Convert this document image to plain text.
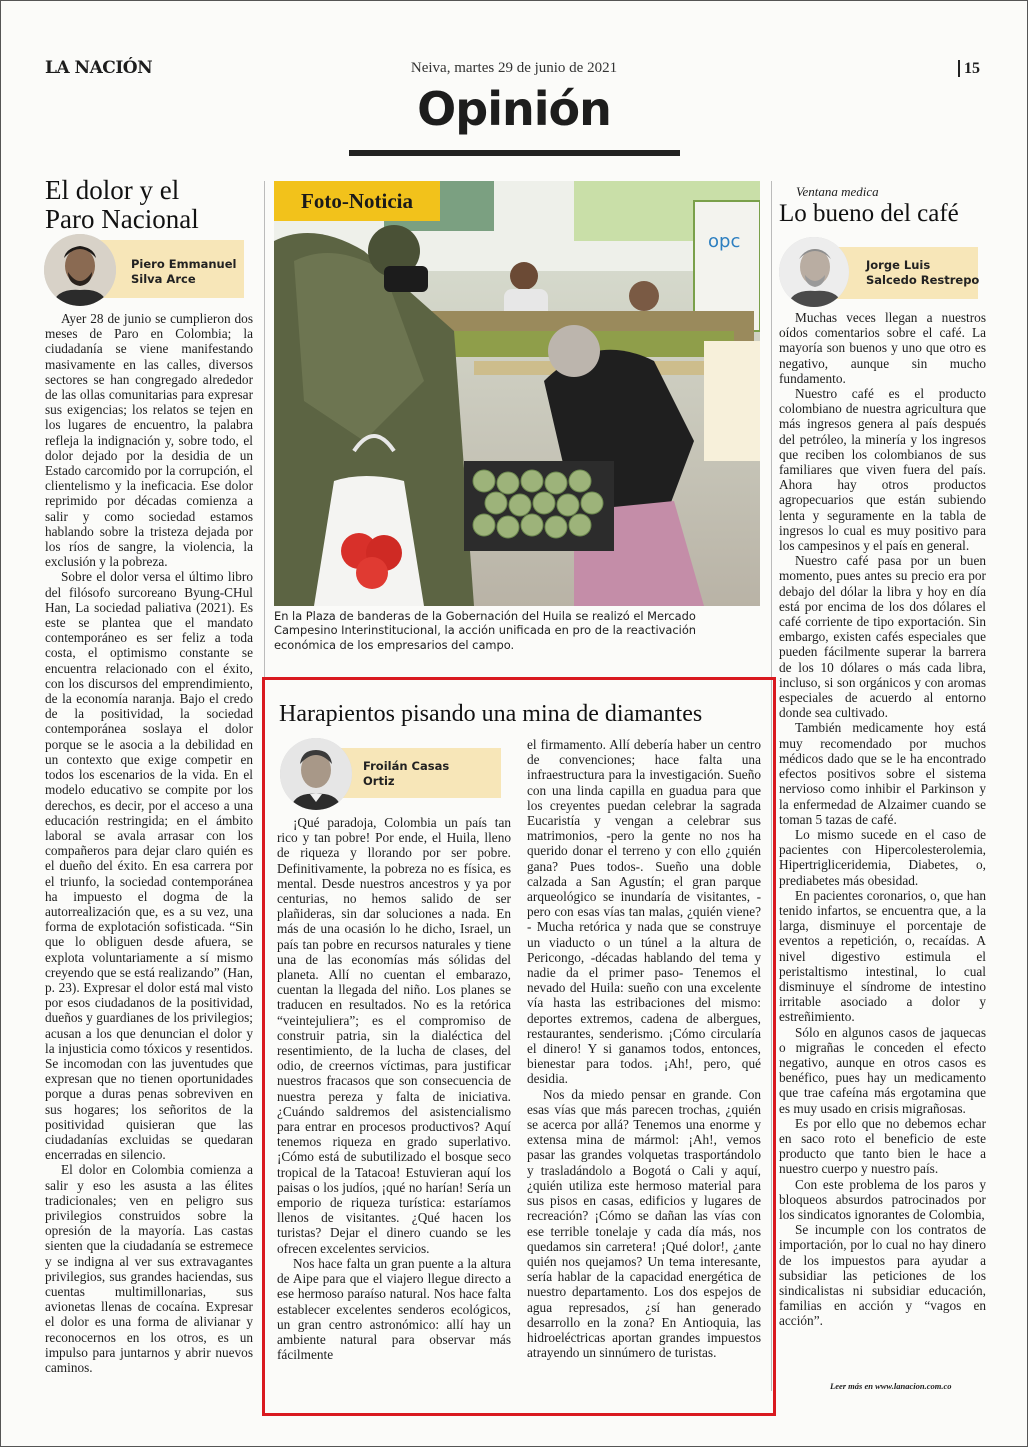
LA NACIÓN	Neiva, martes 29 de junio de 2021	15
Opinión
El dolor y el
Paro Nacional
Piero Emmanuel
Silva Arce

Ayer 28 de junio se cumplieron dos meses de Paro en Colombia; la ciudadanía se viene manifestando masivamente en las calles, diversos sectores se han congregado alrededor de las ollas comunitarias para expresar sus exigencias; los relatos se tejen en los lugares de encuentro, la palabra refleja la indignación y, sobre todo, el dolor dejado por la desidia de un Estado carcomido por la corrupción, el clientelismo y la ineficacia. Ese dolor reprimido por décadas comienza a salir y como sociedad estamos hablando sobre la tristeza dejada por los ríos de sangre, la violencia, la exclusión y la pobreza.

Sobre el dolor versa el último libro del filósofo surcoreano Byung-CHul Han, La sociedad paliativa (2021). Es este se plantea que el mandato contemporáneo es ser feliz a toda costa, el optimismo constante se encuentra relacionado con el éxito, con los discursos del emprendimiento, de la economía naranja. Bajo el credo de la positividad, la sociedad contemporánea soslaya el dolor porque se le asocia a la debilidad en un contexto que exige competir en todos los escenarios de la vida. En el modelo educativo se compite por los derechos, es decir, por el acceso a una educación restringida; en el ámbito laboral se avala arrasar con los compañeros para dejar claro quién es el dueño del éxito. En esa carrera por el triunfo, la sociedad contemporánea ha impuesto el dogma de la autorrealización que, es a su vez, una forma de explotación sofisticada. “Sin que lo obliguen desde afuera, se explota voluntariamente a sí mismo creyendo que se está realizando” (Han, p. 23). Expresar el dolor está mal visto por esos ciudadanos de la positividad, dueños y guardianes de los privilegios; acusan a los que denuncian el dolor y la injusticia como tóxicos y resentidos. Se incomodan con las juventudes que expresan que no tienen oportunidades porque a duras penas sobreviven en sus hogares; los señoritos de la positividad quisieran que las ciudadanías excluidas se quedaran encerradas en silencio.

El dolor en Colombia comienza a salir y eso les asusta a las élites tradicionales; ven en peligro sus privilegios construidos sobre la opresión de la mayoría. Las castas sienten que la ciudadanía se estremece y se indigna al ver sus extravagantes privilegios, sus grandes haciendas, sus cuentas multimillonarias, sus avionetas llenas de cocaína. Expresar el dolor es una forma de alivianar y reconocernos en los otros, es un impulso para juntarnos y abrir nuevos caminos.

opc
Foto-Noticia
En la Plaza de banderas de la Gobernación del Huila se realizó el Mercado Campesino Interinstitucional, la acción unificada en pro de la reactivación económica de los empresarios del campo.
Harapientos pisando una mina de diamantes
Froilán Casas
Ortiz

¡Qué paradoja, Colombia un país tan rico y tan pobre! Por ende, el Huila, lleno de riqueza y llorando por ser pobre. Definitivamente, la pobreza no es física, es mental. Desde nuestros ancestros y ya por centurias, no hemos salido de ser plañideras, sin dar soluciones a nada. En más de una ocasión lo he dicho, Israel, un país tan pobre en recursos naturales y tiene una de las economías más sólidas del planeta. Allí no cuentan el embarazo, cuentan la llegada del niño. Los planes se traducen en resultados. No es la retórica “veintejuliera”; es el compromiso de construir patria, sin la dialéctica del resentimiento, de la lucha de clases, del odio, de creernos víctimas, para justificar nuestros fracasos que son consecuencia de nuestra pereza y falta de iniciativa. ¿Cuándo saldremos del asistencialismo para entrar en procesos productivos? Aquí tenemos riqueza en grado superlativo. ¡Cómo está de subutilizado el bosque seco tropical de la Tatacoa! Estuvieran aquí los paisas o los judíos, ¡qué no harían! Sería un emporio de riqueza turística: estaríamos llenos de visitantes. ¿Qué hacen los turistas? Dejar el dinero cuando se les ofrecen excelentes servicios.

Nos hace falta un gran puente a la altura de Aipe para que el viajero llegue directo a ese hermoso paraíso natural. Nos hace falta establecer excelentes senderos ecológicos, un gran centro astronómico: allí hay un ambiente natural para observar más fácilmente

el firmamento. Allí debería haber un centro de convenciones; hace falta una infraestructura para la investigación. Sueño con una linda capilla en guadua para que los creyentes puedan celebrar la sagrada Eucaristía y vengan a celebrar sus matrimonios, -pero la gente no nos ha querido donar el terreno y con ello ¿quién gana? Pues todos-. Sueño una doble calzada a San Agustín; el gran parque arqueológico se inundaría de visitantes, -pero con esas vías tan malas, ¿quién viene?- Mucha retórica y nada que se construye un viaducto o un túnel a la altura de Pericongo, -décadas hablando del tema y nadie da el primer paso- Tenemos el nevado del Huila: sueño con una excelente vía hasta las estribaciones del mismo: deportes extremos, cadena de albergues, restaurantes, senderismo. ¡Cómo circularía el dinero! Y si ganamos todos, entonces, bienestar para todos. ¡Ah!, pero, qué desidia.

Nos da miedo pensar en grande. Con esas vías que más parecen trochas, ¿quién se acerca por allá? Tenemos una enorme y extensa mina de mármol: ¡Ah!, vemos pasar las grandes volquetas trasportándolo y trasladándolo a Bogotá o Cali y aquí, ¿quién utiliza este hermoso material para sus pisos en casas, edificios y lugares de recreación? ¡Cómo se dañan las vías con ese terrible tonelaje y cada día más, nos quedamos sin carretera! ¡Qué dolor!, ¿ante quién nos quejamos? Un tema interesante, sería hablar de la capacidad energética de nuestro departamento. Los dos espejos de agua represados, ¿sí han generado desarrollo en la zona? En Antioquia, las hidroeléctricas aportan grandes impuestos atrayendo un sinnúmero de turistas.

Ventana medica
Lo bueno del café
Jorge Luis
Salcedo Restrepo

Muchas veces llegan a nuestros oídos comentarios sobre el café. La mayoría son buenos y uno que otro es negativo, aunque sin mucho fundamento.

Nuestro café es el producto colombiano de nuestra agricultura que más ingresos genera al país después del petróleo, la minería y los ingresos que reciben los colombianos de sus familiares que viven fuera del país. Ahora hay otros productos agropecuarios que están subiendo lenta y seguramente en la tabla de ingresos lo cual es muy positivo para los campesinos y el país en general.

Nuestro café pasa por un buen momento, pues antes su precio era por debajo del dólar la libra y hoy en día está por encima de los dos dólares el café corriente de tipo exportación. Sin embargo, existen cafés especiales que pueden fácilmente superar la barrera de los 10 dólares o más cada libra, incluso, si son orgánicos y con aromas especiales de acuerdo al entorno donde sea cultivado.

También medicamente hoy está muy recomendado por muchos médicos dado que se le ha encontrado efectos positivos sobre el sistema nervioso como inhibir el Parkinson y la enfermedad de Alzaimer cuando se toman 5 tazas de café.

Lo mismo sucede en el caso de pacientes con Hipercolesterolemia, Hipertrigliceridemia, Diabetes, o, prediabetes más obesidad.

En pacientes coronarios, o, que han tenido infartos, se encuentra que, a la larga, disminuye el porcentaje de eventos a repetición, o, recaídas. A nivel digestivo estimula el peristaltismo intestinal, lo cual disminuye el síndrome de intestino irritable asociado a dolor y estreñimiento.

Sólo en algunos casos de jaquecas o migrañas le conceden el efecto negativo, aunque en otros casos es benéfico, pues hay un medicamento que trae cafeína más ergotamina que es muy usado en crisis migrañosas.

Es por ello que no debemos echar en saco roto el beneficio de este producto que tanto bien le hace a nuestro cuerpo y nuestro país.

Con este problema de los paros y bloqueos absurdos patrocinados por los sindicatos ignorantes de Colombia,

Se incumple con los contratos de importación, por lo cual no hay dinero de los impuestos para ayudar a subsidiar las peticiones de los sindicalistas ni subsidiar educación, familias en acción y “vagos en acción”.

Leer más en www.lanacion.com.co
